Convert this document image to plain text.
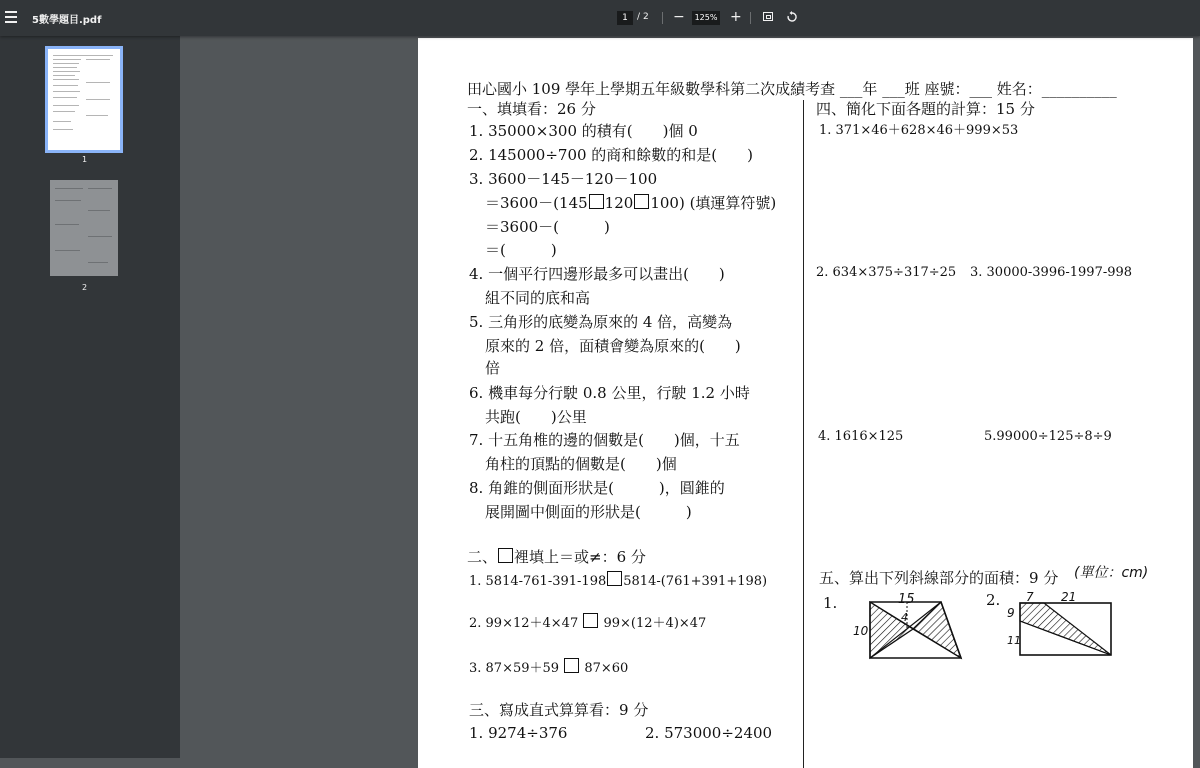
5數學題目.pdf	1	/ 2 −	125% +
1
2
田心國小 109 學年上學期五年級數學科第二次成績考查 ___年 ___班 座號：___ 姓名：__________
一、填填看：26 分
1. 35000×300 的積有(　　)個 0
2. 145000÷700 的商和餘數的和是(　　)
3. 3600－145－120－100
＝3600－(145 120 100) (填運算符號)
＝3600－(　　　)
＝(　　　)
4. 一個平行四邊形最多可以畫出(　　)
組不同的底和高
5. 三角形的底變為原來的 4 倍，高變為
原來的 2 倍，面積會變為原來的(　　)
倍
6. 機車每分行駛 0.8 公里，行駛 1.2 小時
共跑(　　)公里
7. 十五角椎的邊的個數是(　　)個，十五
角柱的頂點的個數是(　　)個
8. 角錐的側面形狀是(　　　)，圓錐的
展開圖中側面的形狀是(　　　)
二、 裡填上＝或≠：6 分
1. 5814-761-391-198 5814-(761+391+198)
2. 99×12＋4×47 99×(12＋4)×47
3. 87×59＋59 87×60
三、寫成直式算算看：9 分
1. 9274÷376	2. 573000÷2400
四、簡化下面各題的計算：15 分
1. 371×46＋628×46＋999×53
2. 634×375÷317÷25 3. 30000-3996-1997-998
4. 1616×125	5.99000÷125÷8÷9
五、算出下列斜線部分的面積：9 分 (單位：cm)
1.	15
4
10
2. 7 21
9
11
